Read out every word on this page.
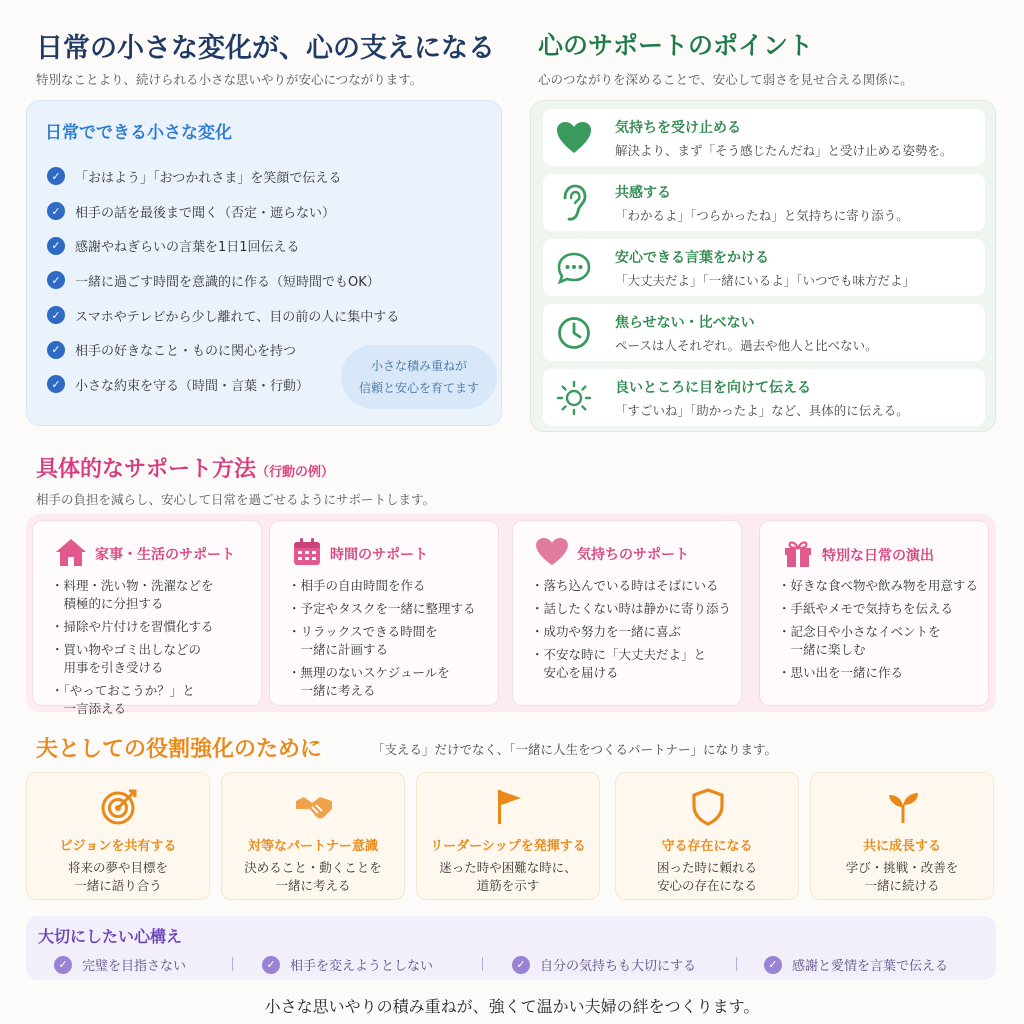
日常の小さな変化が、心の支えになる
特別なことより、続けられる小さな思いやりが安心につながります。
心のサポートのポイント
心のつながりを深めることで、安心して弱さを見せ合える関係に。
日常でできる小さな変化
✓	「おはよう」「おつかれさま」を笑顔で伝える
✓	相手の話を最後まで聞く（否定・遮らない）
✓	感謝やねぎらいの言葉を1日1回伝える
✓	一緒に過ごす時間を意識的に作る（短時間でもOK）
✓	スマホやテレビから少し離れて、目の前の人に集中する
✓	相手の好きなこと・ものに関心を持つ
✓	小さな約束を守る（時間・言葉・行動）
小さな積み重ねが
信頼と安心を育てます
気持ちを受け止める
解決より、まず「そう感じたんだね」と受け止める姿勢を。
共感する
「わかるよ」「つらかったね」と気持ちに寄り添う。
安心できる言葉をかける
「大丈夫だよ」「一緒にいるよ」「いつでも味方だよ」
焦らせない・比べない
ペースは人それぞれ。過去や他人と比べない。
良いところに目を向けて伝える
「すごいね」「助かったよ」など、具体的に伝える。
具体的なサポート方法（行動の例）
相手の負担を減らし、安心して日常を過ごせるようにサポートします。
家事・生活のサポート
・料理・洗い物・洗濯などを
　積極的に分担する
・掃除や片付けを習慣化する
・買い物やゴミ出しなどの
　用事を引き受ける
・「やっておこうか？」と
　一言添える
時間のサポート
・相手の自由時間を作る
・予定やタスクを一緒に整理する
・リラックスできる時間を
　一緒に計画する
・無理のないスケジュールを
　一緒に考える
気持ちのサポート
・落ち込んでいる時はそばにいる
・話したくない時は静かに寄り添う
・成功や努力を一緒に喜ぶ
・不安な時に「大丈夫だよ」と
　安心を届ける
特別な日常の演出
・好きな食べ物や飲み物を用意する
・手紙やメモで気持ちを伝える
・記念日や小さなイベントを
　一緒に楽しむ
・思い出を一緒に作る
夫としての役割強化のために	「支える」だけでなく、「一緒に人生をつくるパートナー」になります。
ビジョンを共有する
将来の夢や目標を
一緒に語り合う
対等なパートナー意識
決めること・動くことを
一緒に考える
リーダーシップを発揮する
迷った時や困難な時に、
道筋を示す
守る存在になる
困った時に頼れる
安心の存在になる
共に成長する
学び・挑戦・改善を
一緒に続ける
大切にしたい心構え
✓	完璧を目指さない	✓	相手を変えようとしない	✓	自分の気持ちも大切にする	✓	感謝と愛情を言葉で伝える
小さな思いやりの積み重ねが、強くて温かい夫婦の絆をつくります。
